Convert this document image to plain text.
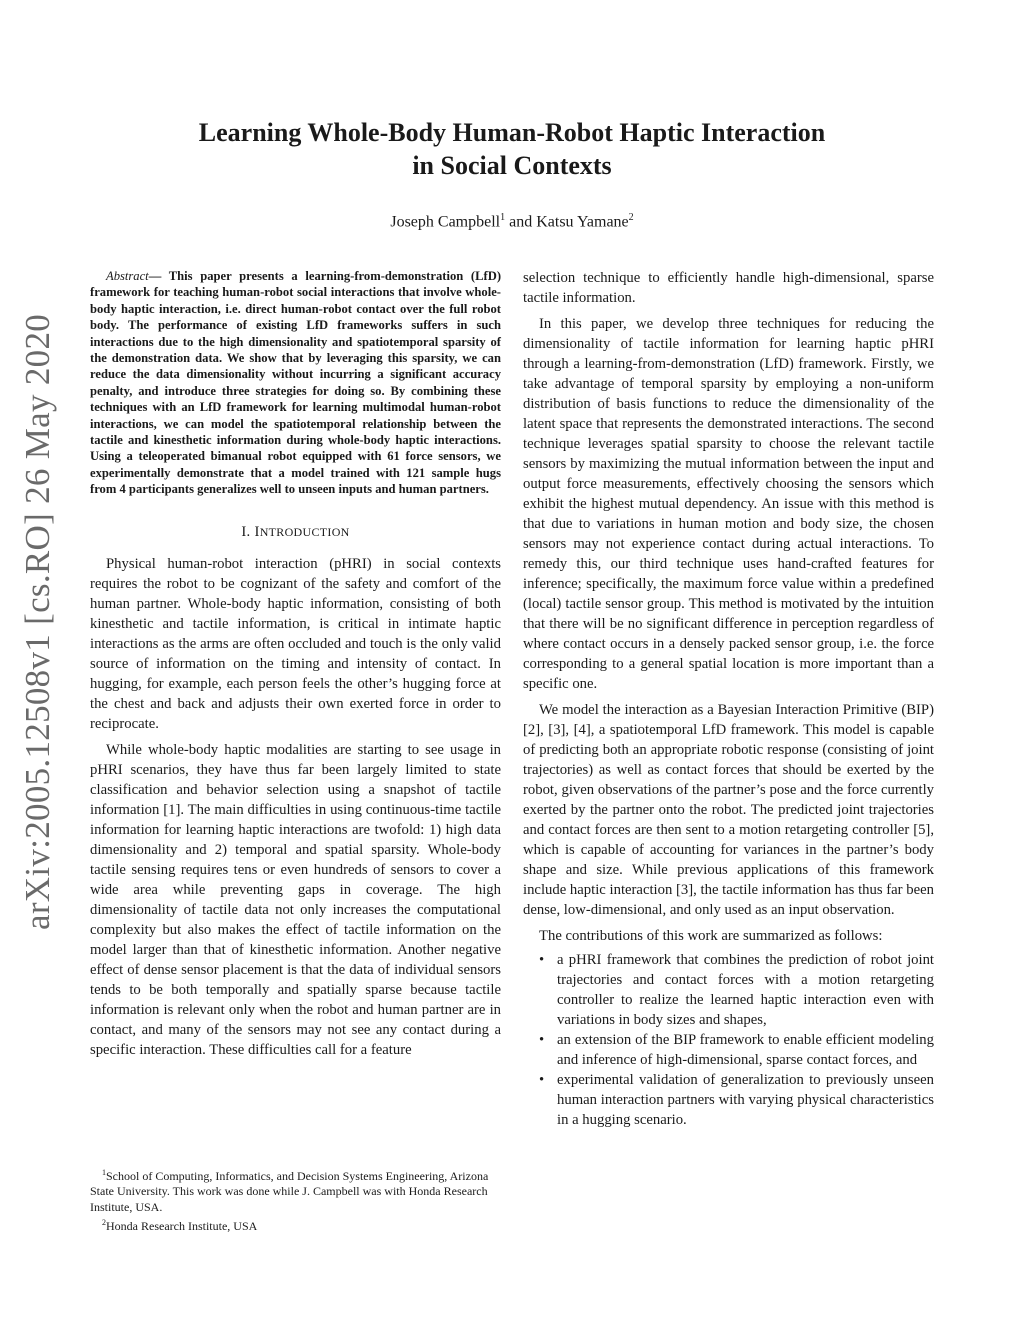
arXiv:2005.12508v1 [cs.RO] 26 May 2020
Learning Whole-Body Human-Robot Haptic Interaction
in Social Contexts
Joseph Campbell$^1$ and Katsu Yamane$^2$

Abstract— This paper presents a learning-from-demonstration (LfD) framework for teaching human-robot social interactions that involve whole-body haptic interaction, i.e. direct human-robot contact over the full robot body. The performance of existing LfD frameworks suffers in such interactions due to the high dimensionality and spatiotemporal sparsity of the demonstration data. We show that by leveraging this sparsity, we can reduce the data dimensionality without incurring a significant accuracy penalty, and introduce three strategies for doing so. By combining these techniques with an LfD framework for learning multimodal human-robot interactions, we can model the spatiotemporal relationship between the tactile and kinesthetic information during whole-body haptic interactions. Using a teleoperated bimanual robot equipped with 61 force sensors, we experimentally demonstrate that a model trained with 121 sample hugs from 4 participants generalizes well to unseen inputs and human partners.

I. INTRODUCTION

Physical human-robot interaction (pHRI) in social contexts requires the robot to be cognizant of the safety and comfort of the human partner. Whole-body haptic information, consisting of both kinesthetic and tactile information, is critical in intimate haptic interactions as the arms are often occluded and touch is the only valid source of information on the timing and intensity of contact. In hugging, for example, each person feels the other’s hugging force at the chest and back and adjusts their own exerted force in order to reciprocate.

While whole-body haptic modalities are starting to see usage in pHRI scenarios, they have thus far been largely limited to state classification and behavior selection using a snapshot of tactile information [1]. The main difficulties in using continuous-time tactile information for learning haptic interactions are twofold: 1) high data dimensionality and 2) temporal and spatial sparsity. Whole-body tactile sensing requires tens or even hundreds of sensors to cover a wide area while preventing gaps in coverage. The high dimensionality of tactile data not only increases the computational complexity but also makes the effect of tactile information on the model larger than that of kinesthetic information. Another negative effect of dense sensor placement is that the data of individual sensors tends to be both temporally and spatially sparse because tactile information is relevant only when the robot and human partner are in contact, and many of the sensors may not see any contact during a specific interaction. These difficulties call for a feature

$^1$School of Computing, Informatics, and Decision Systems Engineering, Arizona State University. This work was done while J. Campbell was with Honda Research Institute, USA.

$^2$Honda Research Institute, USA

selection technique to efficiently handle high-dimensional, sparse tactile information.

In this paper, we develop three techniques for reducing the dimensionality of tactile information for learning haptic pHRI through a learning-from-demonstration (LfD) framework. Firstly, we take advantage of temporal sparsity by employing a non-uniform distribution of basis functions to reduce the dimensionality of the latent space that represents the demonstrated interactions. The second technique leverages spatial sparsity to choose the relevant tactile sensors by maximizing the mutual information between the input and output force measurements, effectively choosing the sensors which exhibit the highest mutual dependency. An issue with this method is that due to variations in human motion and body size, the chosen sensors may not experience contact during actual interactions. To remedy this, our third technique uses hand-crafted features for inference; specifically, the maximum force value within a predefined (local) tactile sensor group. This method is motivated by the intuition that there will be no significant difference in perception regardless of where contact occurs in a densely packed sensor group, i.e. the force corresponding to a general spatial location is more important than a specific one.

We model the interaction as a Bayesian Interaction Primitive (BIP) [2], [3], [4], a spatiotemporal LfD framework. This model is capable of predicting both an appropriate robotic response (consisting of joint trajectories) as well as contact forces that should be exerted by the robot, given observations of the partner’s pose and the force currently exerted by the partner onto the robot. The predicted joint trajectories and contact forces are then sent to a motion retargeting controller [5], which is capable of accounting for variances in the partner’s body shape and size. While previous applications of this framework include haptic interaction [3], the tactile information has thus far been dense, low-dimensional, and only used as an input observation.

The contributions of this work are summarized as follows:

• a pHRI framework that combines the prediction of robot joint trajectories and contact forces with a motion retargeting controller to realize the learned haptic interaction even with variations in body sizes and shapes,
• an extension of the BIP framework to enable efficient modeling and inference of high-dimensional, sparse contact forces, and
• experimental validation of generalization to previously unseen human interaction partners with varying physical characteristics in a hugging scenario.
